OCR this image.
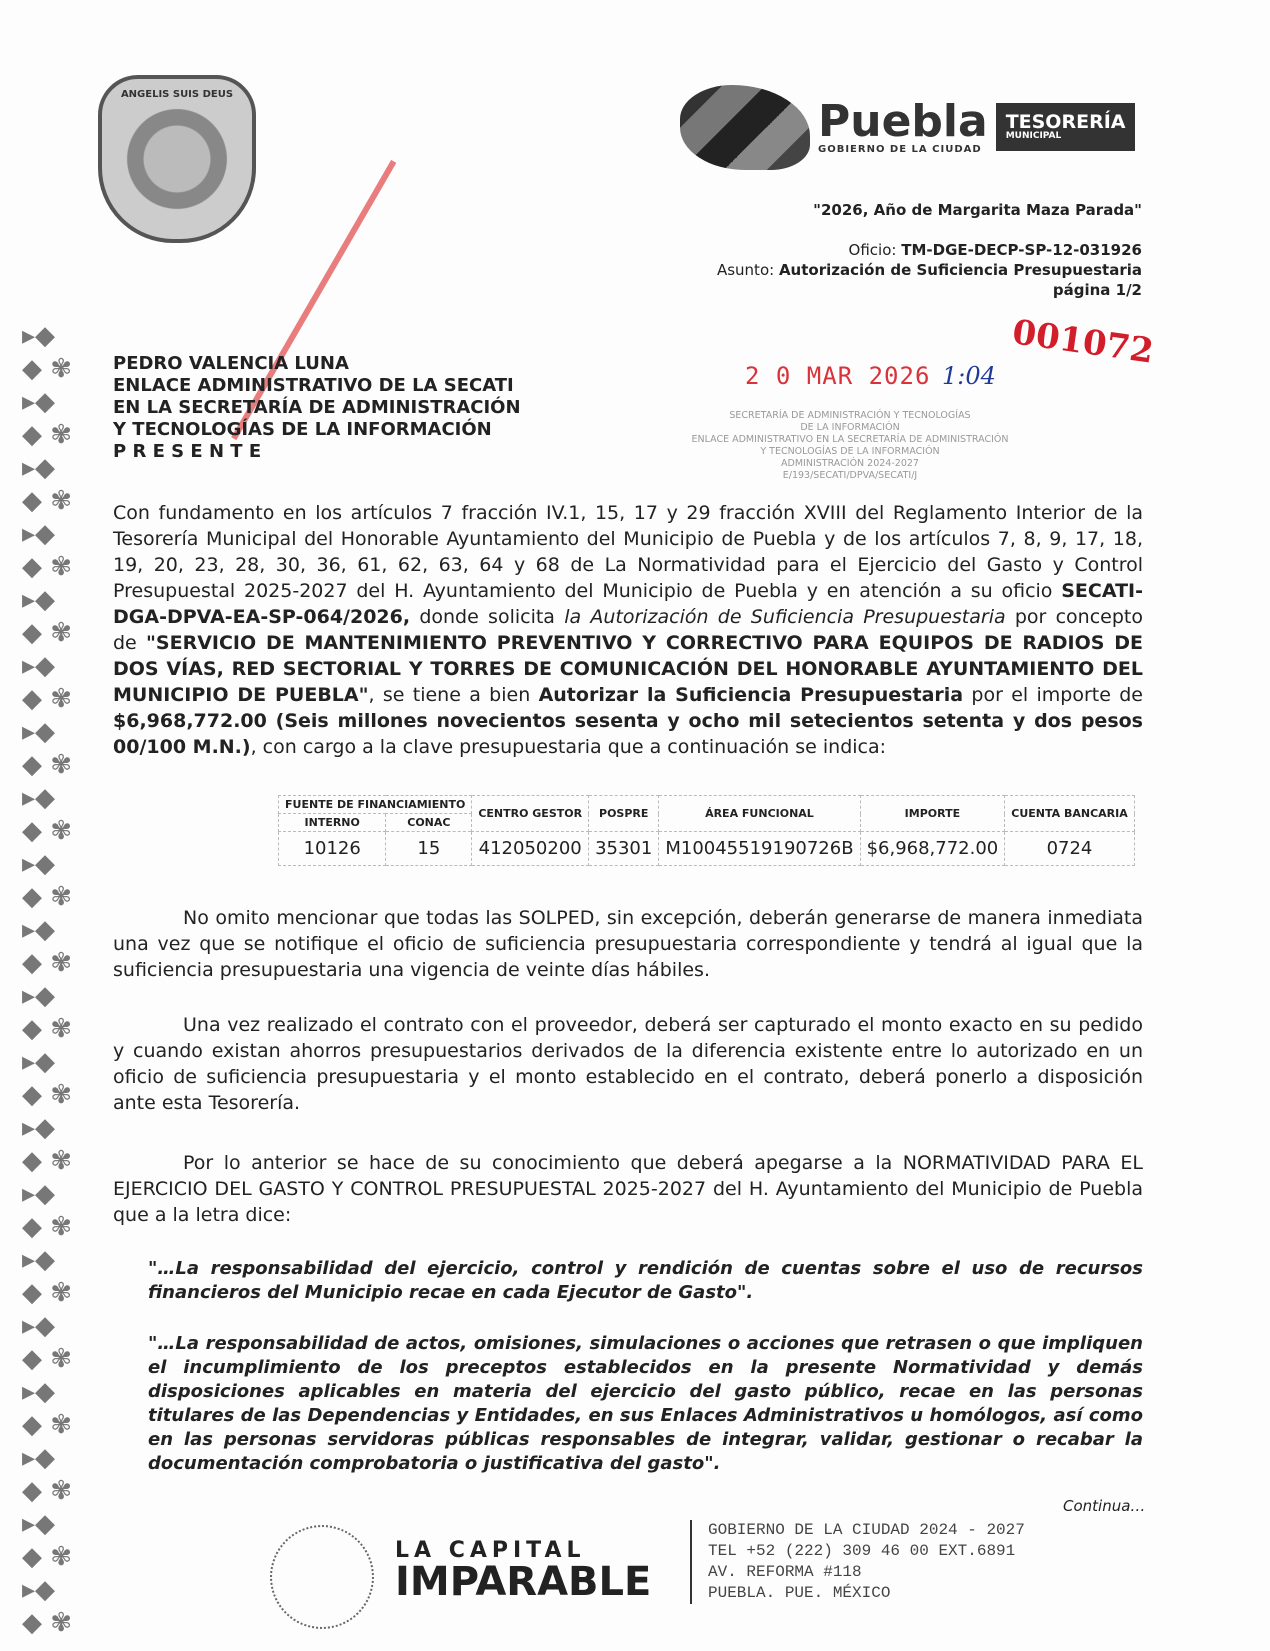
ANGELIS SUIS DEUS
Puebla
GOBIERNO DE LA CIUDAD
TESORERÍA
MUNICIPAL
"2026, Año de Margarita Maza Parada"
Oficio: TM-DGE-DECP-SP-12-031926
Asunto: Autorización de Suficiencia Presupuestaria
página 1/2
2 0 MAR 2026 1:04
001072
SECRETARÍA DE ADMINISTRACIÓN Y TECNOLOGÍAS
DE LA INFORMACIÓN
ENLACE ADMINISTRATIVO EN LA SECRETARÍA DE ADMINISTRACIÓN
Y TECNOLOGÍAS DE LA INFORMACIÓN
ADMINISTRACIÓN 2024-2027
E/193/SECATI/DPVA/SECATI/J
PEDRO VALENCIA LUNA
ENLACE ADMINISTRATIVO DE LA SECATI
EN LA SECRETARÍA DE ADMINISTRACIÓN
Y TECNOLOGÍAS DE LA INFORMACIÓN
P R E S E N T E
Con fundamento en los artículos 7 fracción IV.1, 15, 17 y 29 fracción XVIII del Reglamento Interior de la Tesorería Municipal del Honorable Ayuntamiento del Municipio de Puebla y de los artículos 7, 8, 9, 17, 18, 19, 20, 23, 28, 30, 36, 61, 62, 63, 64 y 68 de La Normatividad para el Ejercicio del Gasto y Control Presupuestal 2025-2027 del H. Ayuntamiento del Municipio de Puebla y en atención a su oficio SECATI-DGA-DPVA-EA-SP-064/2026, donde solicita la Autorización de Suficiencia Presupuestaria por concepto de "SERVICIO DE MANTENIMIENTO PREVENTIVO Y CORRECTIVO PARA EQUIPOS DE RADIOS DE DOS VÍAS, RED SECTORIAL Y TORRES DE COMUNICACIÓN DEL HONORABLE AYUNTAMIENTO DEL MUNICIPIO DE PUEBLA", se tiene a bien Autorizar la Suficiencia Presupuestaria por el importe de $6,968,772.00 (Seis millones novecientos sesenta y ocho mil setecientos setenta y dos pesos 00/100 M.N.), con cargo a la clave presupuestaria que a continuación se indica:
FUENTE DE FINANCIAMIENTO		CENTRO GESTOR	POSPRE	ÁREA FUNCIONAL	IMPORTE	CUENTA BANCARIA
INTERNO	CONAC					
10126	15	412050200	35301	M10045519190726B	$6,968,772.00	0724
No omito mencionar que todas las SOLPED, sin excepción, deberán generarse de manera inmediata una vez que se notifique el oficio de suficiencia presupuestaria correspondiente y tendrá al igual que la suficiencia presupuestaria una vigencia de veinte días hábiles.
Una vez realizado el contrato con el proveedor, deberá ser capturado el monto exacto en su pedido y cuando existan ahorros presupuestarios derivados de la diferencia existente entre lo autorizado en un oficio de suficiencia presupuestaria y el monto establecido en el contrato, deberá ponerlo a disposición ante esta Tesorería.
Por lo anterior se hace de su conocimiento que deberá apegarse a la NORMATIVIDAD PARA EL EJERCICIO DEL GASTO Y CONTROL PRESUPUESTAL 2025-2027 del H. Ayuntamiento del Municipio de Puebla que a la letra dice:
"…La responsabilidad del ejercicio, control y rendición de cuentas sobre el uso de recursos financieros del Municipio recae en cada Ejecutor de Gasto".
"…La responsabilidad de actos, omisiones, simulaciones o acciones que retrasen o que impliquen el incumplimiento de los preceptos establecidos en la presente Normatividad y demás disposiciones aplicables en materia del ejercicio del gasto público, recae en las personas titulares de las Dependencias y Entidades, en sus Enlaces Administrativos u homólogos, así como en las personas servidoras públicas responsables de integrar, validar, gestionar o recabar la documentación comprobatoria o justificativa del gasto".
▸◆
◆ ✾
▸◆
◆ ✾
▸◆
◆ ✾
▸◆
◆ ✾
▸◆
◆ ✾
▸◆
◆ ✾
▸◆
◆ ✾
▸◆
◆ ✾
▸◆
◆ ✾
▸◆
◆ ✾
▸◆
◆ ✾
▸◆
◆ ✾
▸◆
◆ ✾
▸◆
◆ ✾
▸◆
◆ ✾
▸◆
◆ ✾
▸◆
◆ ✾
▸◆
◆ ✾
▸◆
◆ ✾
▸◆
◆ ✾
Continua…
LA CAPITAL
IMPARABLE
GOBIERNO DE LA CIUDAD 2024 - 2027
TEL +52 (222) 309 46 00 EXT.6891
AV. REFORMA #118
PUEBLA. PUE. MÉXICO
